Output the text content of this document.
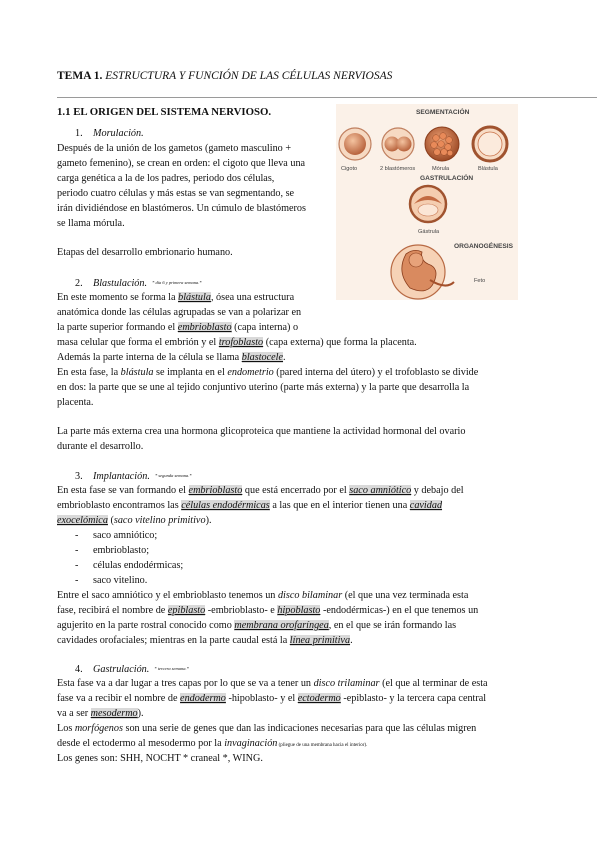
TEMA 1. ESTRUCTURA Y FUNCIÓN DE LAS CÉLULAS NERVIOSAS
1.1 EL ORIGEN DEL SISTEMA NERVIOSO.	SEGMENTACIÓN
Cigoto	2 blastómeros	Mórula	Blástula
GASTRULACIÓN
Gástrula
ORGANOGÉNESIS
Feto
1. Morulación.
Después de la unión de los gametos (gameto masculino +
gameto femenino), se crean en orden: el cigoto que lleva una
carga genética a la de los padres, periodo dos células,
periodo cuatro células y más estas se van segmentando, se
irán dividiéndose en blastómeros. Un cúmulo de blastómeros
se llama mórula.
Etapas del desarrollo embrionario humano.
2. Blastulación. * día 6 y primera semana.*
En este momento se forma la blástula, ósea una estructura
anatómica donde las células agrupadas se van a polarizar en
la parte superior formando el embrioblasto (capa interna) o
masa celular que forma el embrión y el trofoblasto (capa externa) que forma la placenta.
Además la parte interna de la célula se llama blastocele.
En esta fase, la blástula se implanta en el endometrio (pared interna del útero) y el trofoblasto se divide
en dos: la parte que se une al tejido conjuntivo uterino (parte más externa) y la parte que desarrolla la
placenta.
La parte más externa crea una hormona glicoproteica que mantiene la actividad hormonal del ovario
durante el desarrollo.
3. Implantación. * segunda semana.*
En esta fase se van formando el embrioblasto que está encerrado por el saco amniótico y debajo del
embrioblasto encontramos las células endodérmicas a las que en el interior tienen una cavidad
exocelómica (saco vitelino primitivo).
- saco amniótico;
- embrioblasto;
- células endodérmicas;
- saco vitelino.
Entre el saco amniótico y el embrioblasto tenemos un disco bilaminar (el que una vez terminada esta
fase, recibirá el nombre de epiblasto -embrioblasto- e hipoblasto -endodérmicas-) en el que tenemos un
agujerito en la parte rostral conocido como membrana orofaríngea, en el que se irán formando las
cavidades orofaciales; mientras en la parte caudal está la línea primitiva.
4. Gastrulación. * tercera semana.*
Esta fase va a dar lugar a tres capas por lo que se va a tener un disco trilaminar (el que al terminar de esta
fase va a recibir el nombre de endodermo -hipoblasto- y el ectodermo -epiblasto- y la tercera capa central
va a ser mesodermo).
Los morfógenos son una serie de genes que dan las indicaciones necesarias para que las células migren
desde el ectodermo al mesodermo por la invaginación (pliegue de una membrana hacia el interior).
Los genes son: SHH, NOCHT * craneal *, WING.
